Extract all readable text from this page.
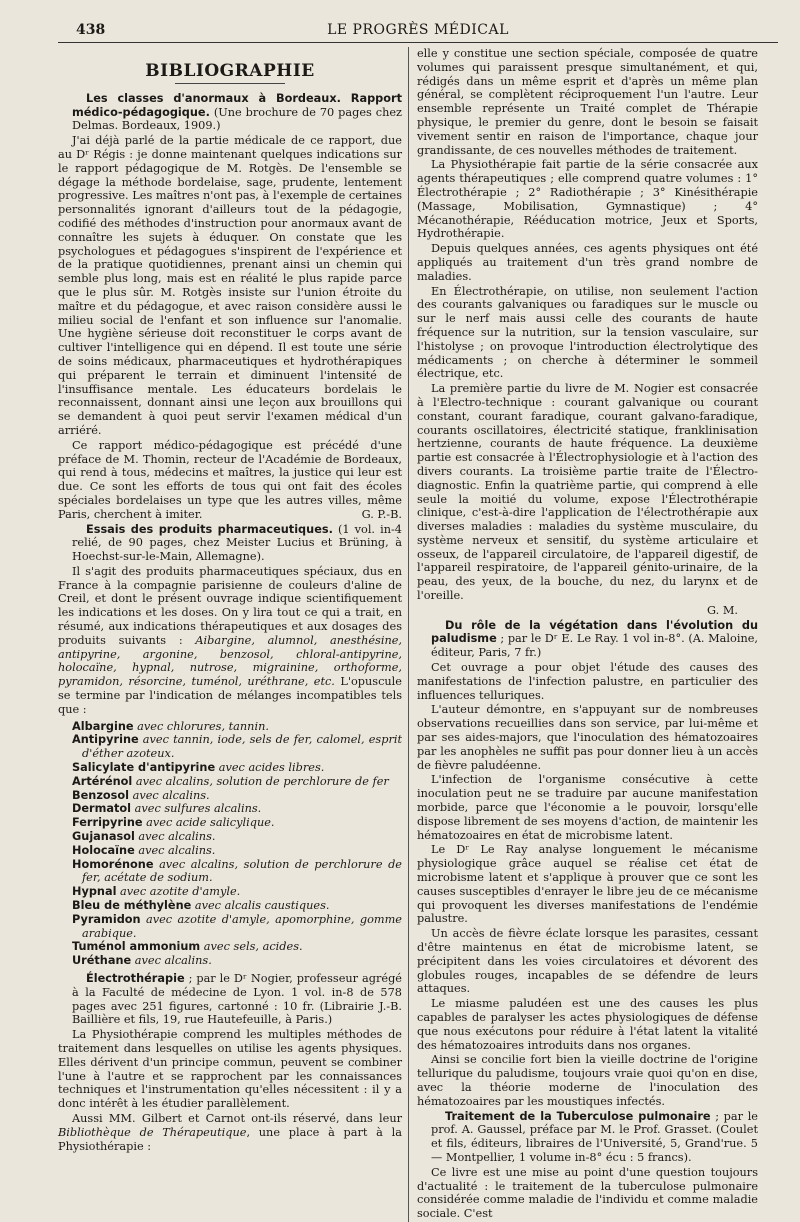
438	LE PROGRÈS MÉDICAL
BIBLIOGRAPHIE

Les classes d'anormaux à Bordeaux. Rapport médico-pédagogique. (Une brochure de 70 pages chez Delmas. Bordeaux, 1909.)

J'ai déjà parlé de la partie médicale de ce rapport, due au Dʳ Régis : je donne maintenant quelques indications sur le rapport pédagogique de M. Rotgès. De l'ensemble se dégage la méthode bordelaise, sage, prudente, lentement progressive. Les maîtres n'ont pas, à l'exemple de certaines personnalités ignorant d'ailleurs tout de la pédagogie, codifié des méthodes d'instruction pour anormaux avant de connaître les sujets à éduquer. On constate que les psychologues et pédagogues s'inspirent de l'expérience et de la pratique quotidiennes, prenant ainsi un chemin qui semble plus long, mais est en réalité le plus rapide parce que le plus sûr. M. Rotgès insiste sur l'union étroite du maître et du pédagogue, et avec raison considère aussi le milieu social de l'enfant et son influence sur l'anomalie. Une hygiène sérieuse doit reconstituer le corps avant de cultiver l'intelligence qui en dépend. Il est toute une série de soins médicaux, pharmaceutiques et hydrothérapiques qui préparent le terrain et diminuent l'intensité de l'insuffisance mentale. Les éducateurs bordelais le reconnaissent, donnant ainsi une leçon aux brouillons qui se demandent à quoi peut servir l'examen médical d'un arriéré.

Ce rapport médico-pédagogique est précédé d'une préface de M. Thomin, recteur de l'Académie de Bordeaux, qui rend à tous, médecins et maîtres, la justice qui leur est due. Ce sont les efforts de tous qui ont fait des écoles spéciales bordelaises un type que les autres villes, même Paris, cherchent à imiter.	G. P.-B.

Essais des produits pharmaceutiques. (1 vol. in-4 relié, de 90 pages, chez Meister Lucius et Brüning, à Hoechst-sur-le-Main, Allemagne).

Il s'agit des produits pharmaceutiques spéciaux, dus en France à la compagnie parisienne de couleurs d'aline de Creil, et dont le présent ouvrage indique scientifiquement les indications et les doses. On y lira tout ce qui a trait, en résumé, aux indications thérapeutiques et aux dosages des produits suivants : Aibargine, alumnol, anesthésine, antipyrine, argonine, benzosol, chloral-antipyrine, holocaïne, hypnal, nutrose, migrainine, orthoforme, pyramidon, résorcine, tuménol, uréthrane, etc. L'opuscule se termine par l'indication de mélanges incompatibles tels que :

Albargine avec chlorures, tannin.
Antipyrine avec tannin, iode, sels de fer, calomel, esprit d'éther azoteux.
Salicylate d'antipyrine avec acides libres.
Artérénol avec alcalins, solution de perchlorure de fer
Benzosol avec alcalins.
Dermatol avec sulfures alcalins.
Ferripyrine avec acide salicylique.
Gujanasol avec alcalins.
Holocaïne avec alcalins.
Homorénone avec alcalins, solution de perchlorure de fer, acétate de sodium.
Hypnal avec azotite d'amyle.
Bleu de méthylène avec alcalis caustiques.
Pyramidon avec azotite d'amyle, apomorphine, gomme arabique.
Tuménol ammonium avec sels, acides.
Uréthane avec alcalins.

Électrothérapie ; par le Dʳ Nogier, professeur agrégé à la Faculté de médecine de Lyon. 1 vol. in-8 de 578 pages avec 251 figures, cartonné : 10 fr. (Librairie J.-B. Baillière et fils, 19, rue Hautefeuille, à Paris.)

La Physiothérapie comprend les multiples méthodes de traitement dans lesquelles on utilise les agents physiques. Elles dérivent d'un principe commun, peuvent se combiner l'une à l'autre et se rapprochent par les connaissances techniques et l'instrumentation qu'elles nécessitent : il y a donc intérêt à les étudier parallèlement.

Aussi MM. Gilbert et Carnot ont-ils réservé, dans leur Bibliothèque de Thérapeutique, une place à part à la Physiothérapie :

elle y constitue une section spéciale, composée de quatre volumes qui paraissent presque simultanément, et qui, rédigés dans un même esprit et d'après un même plan général, se complètent réciproquement l'un l'autre. Leur ensemble représente un Traité complet de Thérapie physique, le premier du genre, dont le besoin se faisait vivement sentir en raison de l'importance, chaque jour grandissante, de ces nouvelles méthodes de traitement.

La Physiothérapie fait partie de la série consacrée aux agents thérapeutiques ; elle comprend quatre volumes : 1° Électrothérapie ; 2° Radiothérapie ; 3° Kinésithérapie (Massage, Mobilisation, Gymnastique) ; 4° Mécanothérapie, Rééducation motrice, Jeux et Sports, Hydrothérapie.

Depuis quelques années, ces agents physiques ont été appliqués au traitement d'un très grand nombre de maladies.

En Électrothérapie, on utilise, non seulement l'action des courants galvaniques ou faradiques sur le muscle ou sur le nerf mais aussi celle des courants de haute fréquence sur la nutrition, sur la tension vasculaire, sur l'histolyse ; on provoque l'introduction électrolytique des médicaments ; on cherche à déterminer le sommeil électrique, etc.

La première partie du livre de M. Nogier est consacrée à l'Electro-technique : courant galvanique ou courant constant, courant faradique, courant galvano-faradique, courants oscillatoires, électricité statique, franklinisation hertzienne, courants de haute fréquence. La deuxième partie est consacrée à l'Électrophysiologie et à l'action des divers courants. La troisième partie traite de l'Électro-diagnostic. Enfin la quatrième partie, qui comprend à elle seule la moitié du volume, expose l'Électrothérapie clinique, c'est-à-dire l'application de l'électrothérapie aux diverses maladies : maladies du système musculaire, du système nerveux et sensitif, du système articulaire et osseux, de l'appareil circulatoire, de l'appareil digestif, de l'appareil respiratoire, de l'appareil génito-urinaire, de la peau, des yeux, de la bouche, du nez, du larynx et de l'oreille.

G. M.

Du rôle de la végétation dans l'évolution du paludisme ; par le Dʳ E. Le Ray. 1 vol in-8°. (A. Maloine, éditeur, Paris, 7 fr.)

Cet ouvrage a pour objet l'étude des causes des manifestations de l'infection palustre, en particulier des influences telluriques.

L'auteur démontre, en s'appuyant sur de nombreuses observations recueillies dans son service, par lui-même et par ses aides-majors, que l'inoculation des hématozoaires par les anophèles ne suffit pas pour donner lieu à un accès de fièvre paludéenne.

L'infection de l'organisme consécutive à cette inoculation peut ne se traduire par aucune manifestation morbide, parce que l'économie a le pouvoir, lorsqu'elle dispose librement de ses moyens d'action, de maintenir les hématozoaires en état de microbisme latent.

Le Dʳ Le Ray analyse longuement le mécanisme physiologique grâce auquel se réalise cet état de microbisme latent et s'applique à prouver que ce sont les causes susceptibles d'enrayer le libre jeu de ce mécanisme qui provoquent les diverses manifestations de l'endémie palustre.

Un accès de fièvre éclate lorsque les parasites, cessant d'être maintenus en état de microbisme latent, se précipitent dans les voies circulatoires et dévorent des globules rouges, incapables de se défendre de leurs attaques.

Le miasme paludéen est une des causes les plus capables de paralyser les actes physiologiques de défense que nous exécutons pour réduire à l'état latent la vitalité des hématozoaires introduits dans nos organes.

Ainsi se concilie fort bien la vieille doctrine de l'origine tellurique du paludisme, toujours vraie quoi qu'on en dise, avec la théorie moderne de l'inoculation des hématozoaires par les moustiques infectés.

Traitement de la Tuberculose pulmonaire ; par le prof. A. Gaussel, préface par M. le Prof. Grasset. (Coulet et fils, éditeurs, libraires de l'Université, 5, Grand'rue. 5 — Montpellier, 1 volume in-8° écu : 5 francs).

Ce livre est une mise au point d'une question toujours d'actualité : le traitement de la tuberculose pulmonaire considérée comme maladie de l'individu et comme maladie sociale. C'est
